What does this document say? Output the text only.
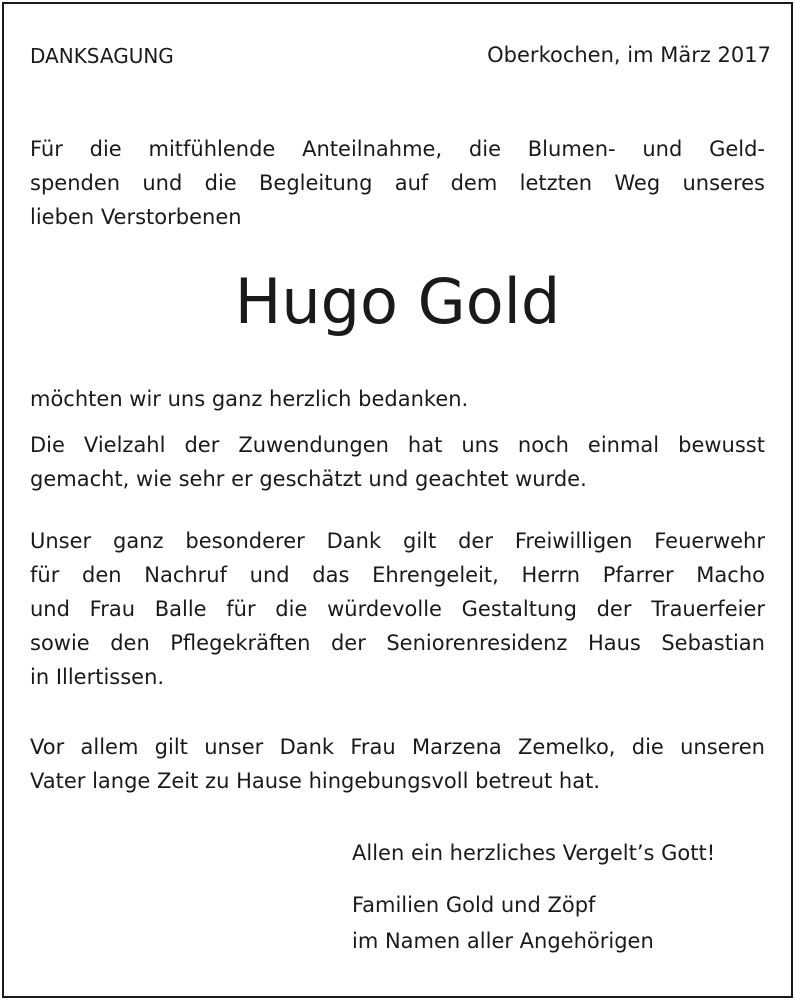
DANKSAGUNG	Oberkochen, im März 2017

Für die mitfühlende Anteilnahme, die Blumen- und Geld-
spenden und die Begleitung auf dem letzten Weg unseres
lieben Verstorbenen

Hugo Gold

möchten wir uns ganz herzlich bedanken.

Die Vielzahl der Zuwendungen hat uns noch einmal bewusst
gemacht, wie sehr er geschätzt und geachtet wurde.

Unser ganz besonderer Dank gilt der Freiwilligen Feuerwehr
für den Nachruf und das Ehrengeleit, Herrn Pfarrer Macho
und Frau Balle für die würdevolle Gestaltung der Trauerfeier
sowie den Pflegekräften der Seniorenresidenz Haus Sebastian
in Illertissen.

Vor allem gilt unser Dank Frau Marzena Zemelko, die unseren
Vater lange Zeit zu Hause hingebungsvoll betreut hat.

Allen ein herzliches Vergelt’s Gott!

Familien Gold und Zöpf

im Namen aller Angehörigen
